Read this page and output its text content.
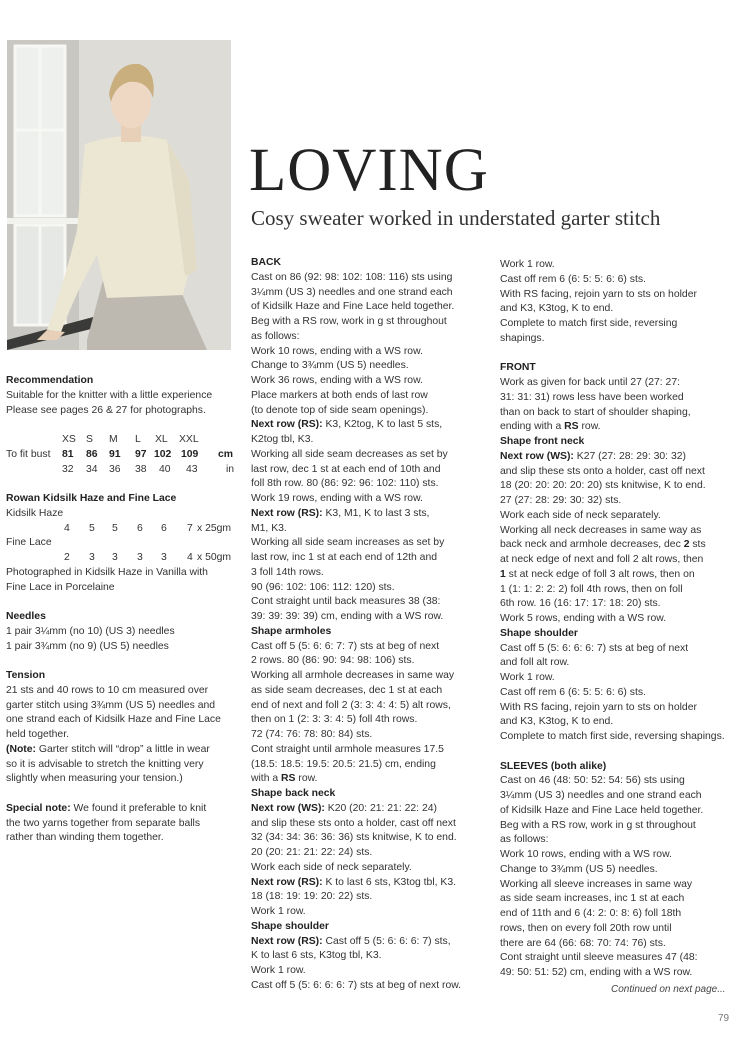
LOVING
Cosy sweater worked in understated garter stitch

Recommendation

Suitable for the knitter with a little experience

Please see pages 26 & 27 for photographs.

XS S M L XL XXL
To fit bust 81 86 91 97 102 109 cm
32 34 36 38 40 43	in

Rowan Kidsilk Haze and Fine Lace

Kidsilk Haze

4 5 5 6 6 7 x 25gm

Fine Lace

2 3 3 3 3 4 x 50gm

Photographed in Kidsilk Haze in Vanilla with

Fine Lace in Porcelaine

Needles

1 pair 3¼mm (no 10) (US 3) needles

1 pair 3¾mm (no 9) (US 5) needles

Tension

21 sts and 40 rows to 10 cm measured over

garter stitch using 3¾mm (US 5) needles and

one strand each of Kidsilk Haze and Fine Lace

held together.

(Note: Garter stitch will “drop” a little in wear

so it is advisable to stretch the knitting very

slightly when measuring your tension.)

Special note: We found it preferable to knit

the two yarns together from separate balls

rather than winding them together.

BACK

Cast on 86 (92: 98: 102: 108: 116) sts using

3¼mm (US 3) needles and one strand each

of Kidsilk Haze and Fine Lace held together.

Beg with a RS row, work in g st throughout

as follows:

Work 10 rows, ending with a WS row.

Change to 3¾mm (US 5) needles.

Work 36 rows, ending with a WS row.

Place markers at both ends of last row

(to denote top of side seam openings).

Next row (RS): K3, K2tog, K to last 5 sts,

K2tog tbl, K3.

Working all side seam decreases as set by

last row, dec 1 st at each end of 10th and

foll 8th row. 80 (86: 92: 96: 102: 110) sts.

Work 19 rows, ending with a WS row.

Next row (RS): K3, M1, K to last 3 sts,

M1, K3.

Working all side seam increases as set by

last row, inc 1 st at each end of 12th and

3 foll 14th rows.

90 (96: 102: 106: 112: 120) sts.

Cont straight until back measures 38 (38:

39: 39: 39: 39) cm, ending with a WS row.

Shape armholes

Cast off 5 (5: 6: 6: 7: 7) sts at beg of next

2 rows. 80 (86: 90: 94: 98: 106) sts.

Working all armhole decreases in same way

as side seam decreases, dec 1 st at each

end of next and foll 2 (3: 3: 4: 4: 5) alt rows,

then on 1 (2: 3: 3: 4: 5) foll 4th rows.

72 (74: 76: 78: 80: 84) sts.

Cont straight until armhole measures 17.5

(18.5: 18.5: 19.5: 20.5: 21.5) cm, ending

with a RS row.

Shape back neck

Next row (WS): K20 (20: 21: 21: 22: 24)

and slip these sts onto a holder, cast off next

32 (34: 34: 36: 36: 36) sts knitwise, K to end.

20 (20: 21: 21: 22: 24) sts.

Work each side of neck separately.

Next row (RS): K to last 6 sts, K3tog tbl, K3.

18 (18: 19: 19: 20: 22) sts.

Work 1 row.

Shape shoulder

Next row (RS): Cast off 5 (5: 6: 6: 6: 7) sts,

K to last 6 sts, K3tog tbl, K3.

Work 1 row.

Cast off 5 (5: 6: 6: 6: 7) sts at beg of next row.

Work 1 row.

Cast off rem 6 (6: 5: 5: 6: 6) sts.

With RS facing, rejoin yarn to sts on holder

and K3, K3tog, K to end.

Complete to match first side, reversing

shapings.

FRONT

Work as given for back until 27 (27: 27:

31: 31: 31) rows less have been worked

than on back to start of shoulder shaping,

ending with a RS row.

Shape front neck

Next row (WS): K27 (27: 28: 29: 30: 32)

and slip these sts onto a holder, cast off next

18 (20: 20: 20: 20: 20) sts knitwise, K to end.

27 (27: 28: 29: 30: 32) sts.

Work each side of neck separately.

Working all neck decreases in same way as

back neck and armhole decreases, dec 2 sts

at neck edge of next and foll 2 alt rows, then

1 st at neck edge of foll 3 alt rows, then on

1 (1: 1: 2: 2: 2) foll 4th rows, then on foll

6th row. 16 (16: 17: 17: 18: 20) sts.

Work 5 rows, ending with a WS row.

Shape shoulder

Cast off 5 (5: 6: 6: 6: 7) sts at beg of next

and foll alt row.

Work 1 row.

Cast off rem 6 (6: 5: 5: 6: 6) sts.

With RS facing, rejoin yarn to sts on holder

and K3, K3tog, K to end.

Complete to match first side, reversing shapings.

SLEEVES (both alike)

Cast on 46 (48: 50: 52: 54: 56) sts using

3¼mm (US 3) needles and one strand each

of Kidsilk Haze and Fine Lace held together.

Beg with a RS row, work in g st throughout

as follows:

Work 10 rows, ending with a WS row.

Change to 3¾mm (US 5) needles.

Working all sleeve increases in same way

as side seam increases, inc 1 st at each

end of 11th and 6 (4: 2: 0: 8: 6) foll 18th

rows, then on every foll 20th row until

there are 64 (66: 68: 70: 74: 76) sts.

Cont straight until sleeve measures 47 (48:

49: 50: 51: 52) cm, ending with a WS row.

Continued on next page...
79
